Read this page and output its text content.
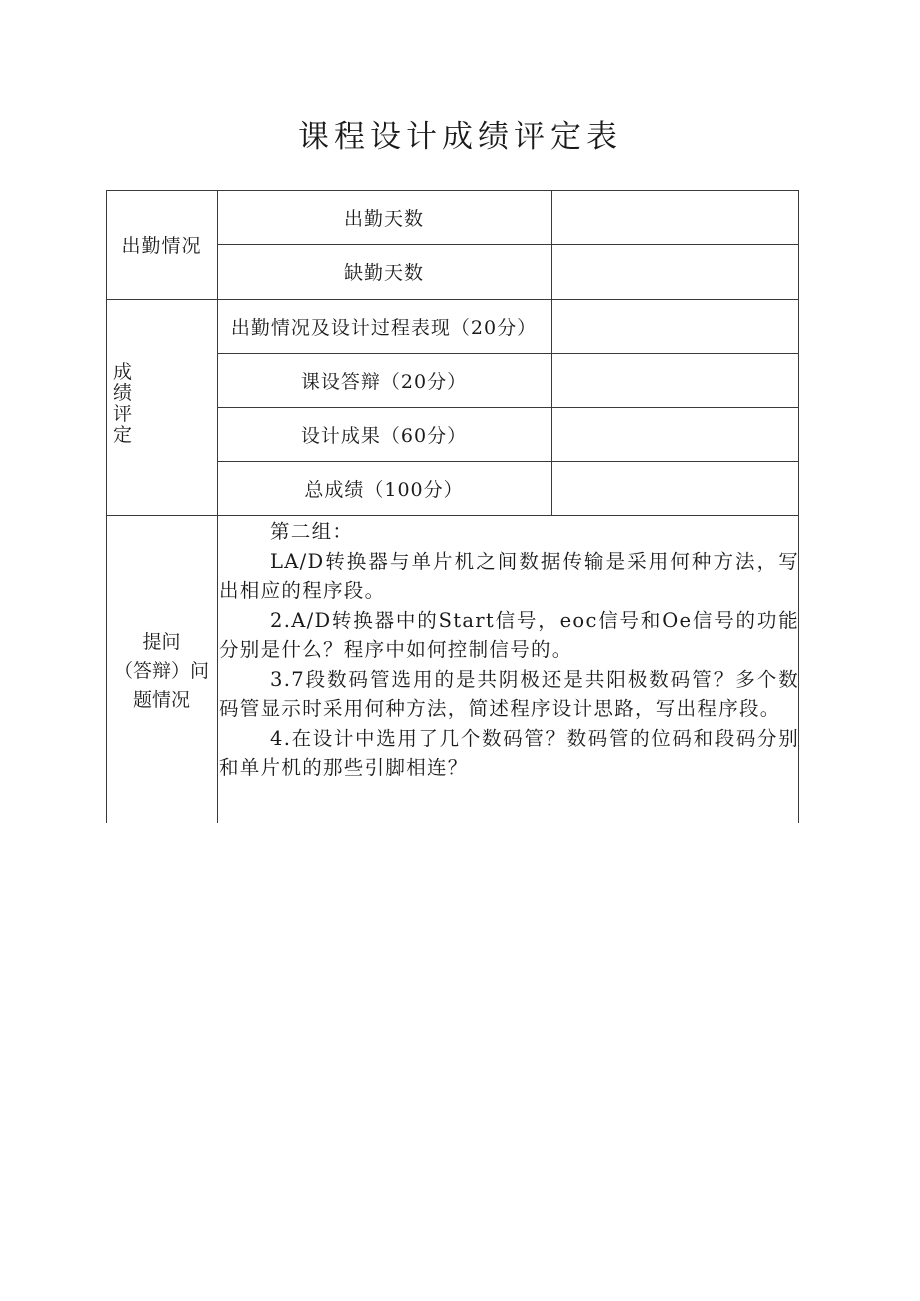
课程设计成绩评定表
出勤情况
出勤天数
缺勤天数
成绩评定
出勤情况及设计过程表现（20分）
课设答辩（20分）
设计成果（60分）
总成绩（100分）
提问
（答辩）问
题情况

第二组：

LA/D转换器与单片机之间数据传输是采用何种方法，写出相应的程序段。

2.A/D转换器中的Start信号，eoc信号和Oe信号的功能分别是什么？程序中如何控制信号的。

3.7段数码管选用的是共阴极还是共阳极数码管？多个数码管显示时采用何种方法，简述程序设计思路，写出程序段。

4.在设计中选用了几个数码管？数码管的位码和段码分别和单片机的那些引脚相连？
